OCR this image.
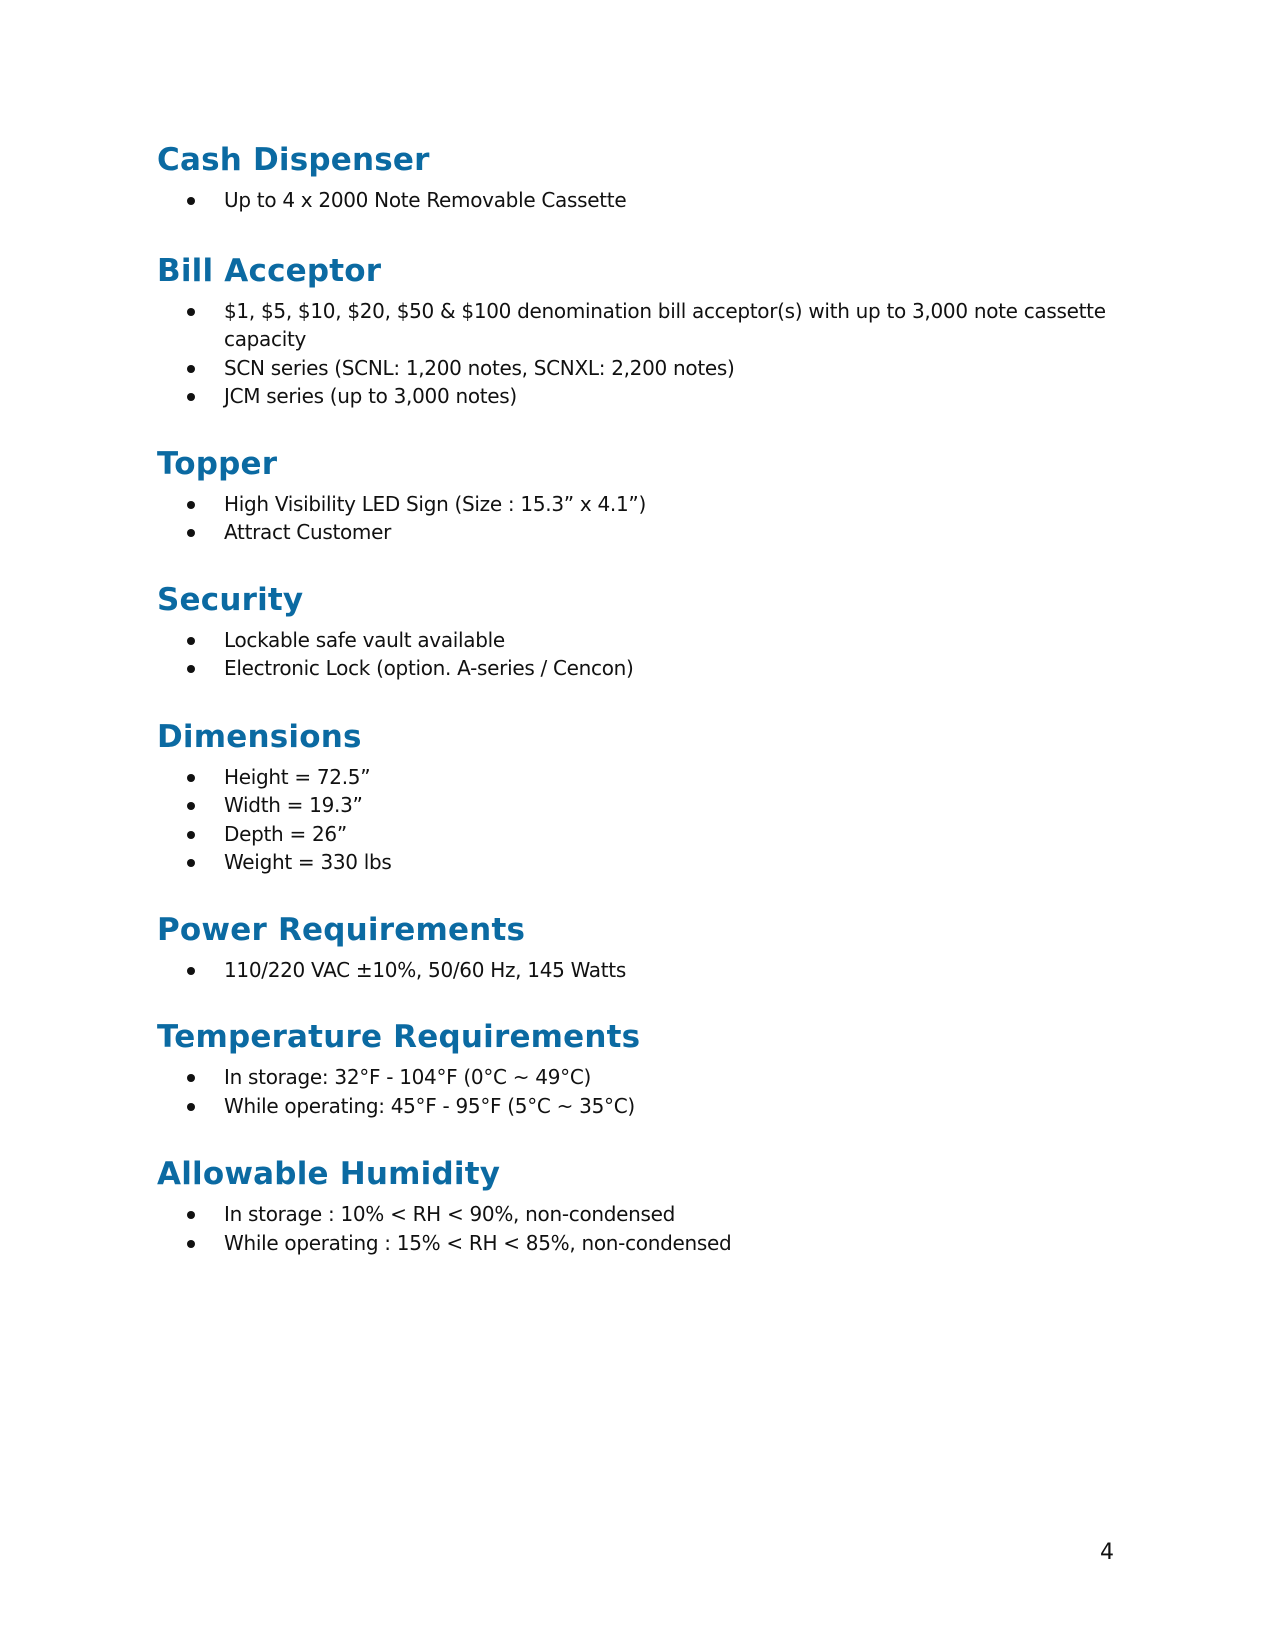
Cash Dispenser
Up to 4 x 2000 Note Removable Cassette
Bill Acceptor
$1, $5, $10, $20, $50 & $100 denomination bill acceptor(s) with up to 3,000 note cassette capacity
SCN series (SCNL: 1,200 notes, SCNXL: 2,200 notes)
JCM series (up to 3,000 notes)
Topper
High Visibility LED Sign (Size : 15.3” x 4.1”)
Attract Customer
Security
Lockable safe vault available
Electronic Lock (option. A-series / Cencon)
Dimensions
Height = 72.5”
Width = 19.3”
Depth = 26”
Weight = 330 lbs
Power Requirements
110/220 VAC ±10%, 50/60 Hz, 145 Watts
Temperature Requirements
In storage: 32°F - 104°F (0°C ~ 49°C)
While operating: 45°F - 95°F (5°C ~ 35°C)
Allowable Humidity
In storage : 10% < RH < 90%, non-condensed
While operating : 15% < RH < 85%, non-condensed
4
